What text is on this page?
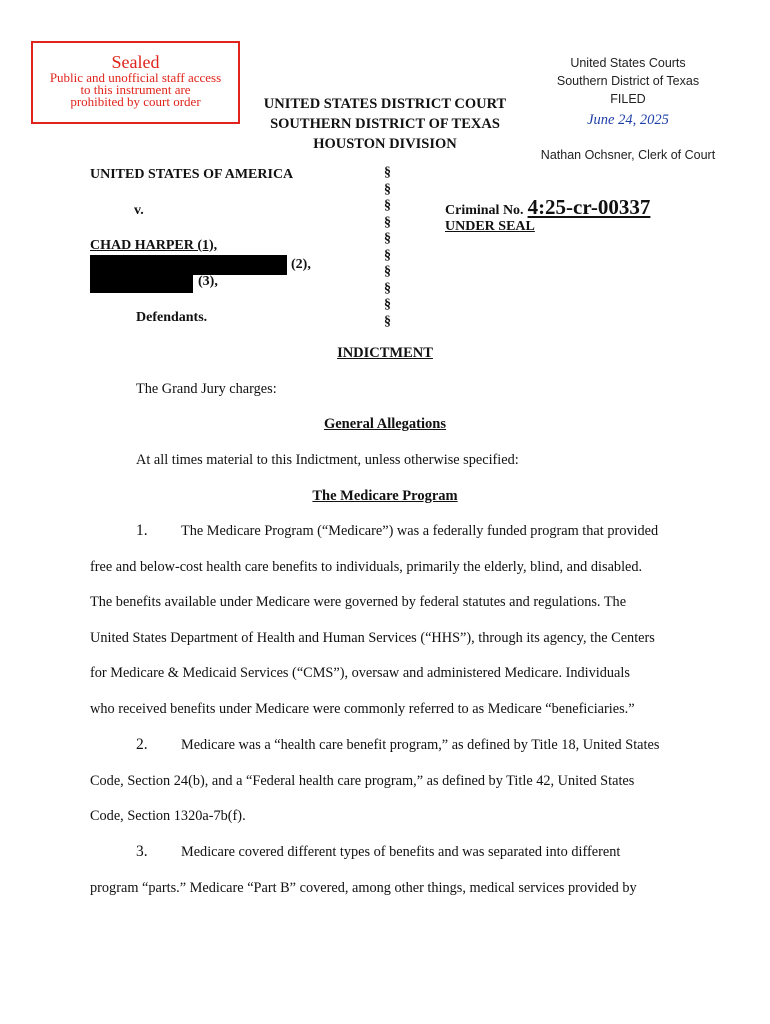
Sealed
Public and unofficial staff access
to this instrument are
prohibited by court order	UNITED STATES DISTRICT COURT
SOUTHERN DISTRICT OF TEXAS
HOUSTON DIVISION
United States Courts
Southern District of Texas
FILED
June 24, 2025
Nathan Ochsner, Clerk of Court
UNITED STATES OF AMERICA
v.
CHAD HARPER (1),
(2),
(3),
Defendants.
§
§
§
§
§
§
§
§
§
§
Criminal No. 4:25-cr-00337
UNDER SEAL
INDICTMENT
The Grand Jury charges:
General Allegations
At all times material to this Indictment, unless otherwise specified:
The Medicare Program
1. The Medicare Program (“Medicare”) was a federally funded program that provided
free and below-cost health care benefits to individuals, primarily the elderly, blind, and disabled.
The benefits available under Medicare were governed by federal statutes and regulations. The
United States Department of Health and Human Services (“HHS”), through its agency, the Centers
for Medicare & Medicaid Services (“CMS”), oversaw and administered Medicare. Individuals
who received benefits under Medicare were commonly referred to as Medicare “beneficiaries.”
2. Medicare was a “health care benefit program,” as defined by Title 18, United States
Code, Section 24(b), and a “Federal health care program,” as defined by Title 42, United States
Code, Section 1320a-7b(f).
3. Medicare covered different types of benefits and was separated into different
program “parts.” Medicare “Part B” covered, among other things, medical services provided by
